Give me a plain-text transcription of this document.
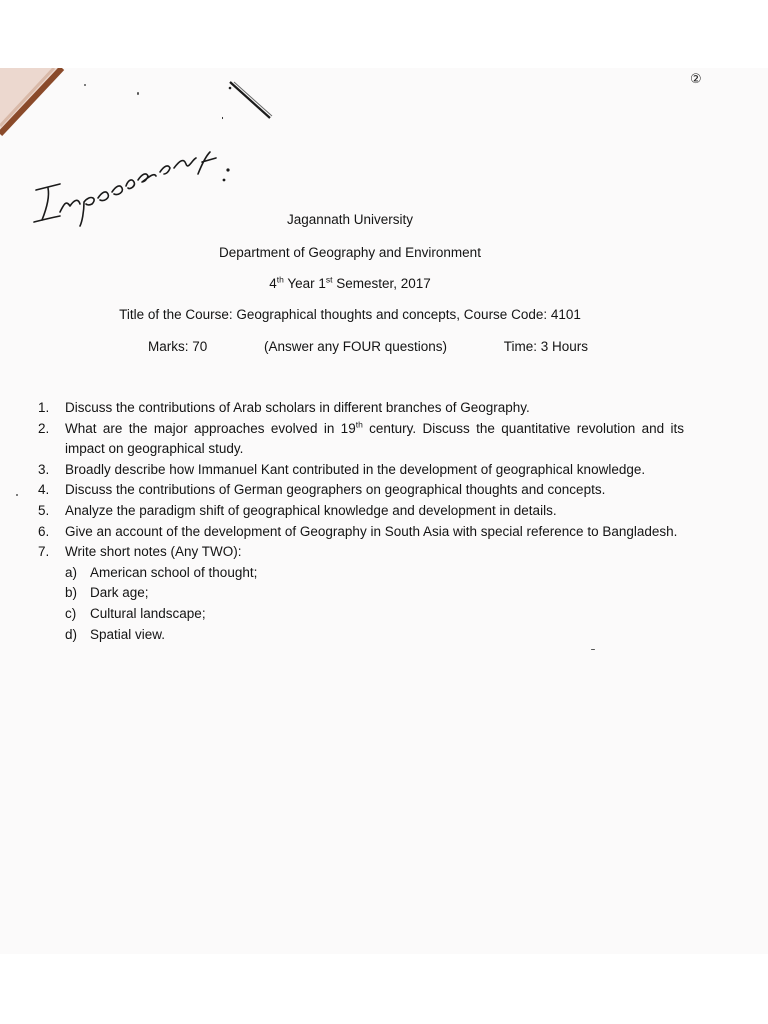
②
Jagannath University
Department of Geography and Environment
4th Year 1st Semester, 2017
Title of the Course: Geographical thoughts and concepts, Course Code: 4101
Marks: 70	(Answer any FOUR questions)	Time: 3 Hours
1.	Discuss the contributions of Arab scholars in different branches of Geography.
2.	What are the major approaches evolved in 19th century. Discuss the quantitative revolution and its impact on geographical study.
3.	Broadly describe how Immanuel Kant contributed in the development of geographical knowledge.
4.	Discuss the contributions of German geographers on geographical thoughts and concepts.
5.	Analyze the paradigm shift of geographical knowledge and development in details.
6.	Give an account of the development of Geography in South Asia with special reference to Bangladesh.
7.	Write short notes (Any TWO):
a) American school of thought;
b) Dark age;
c)	Cultural landscape;
d) Spatial view.
